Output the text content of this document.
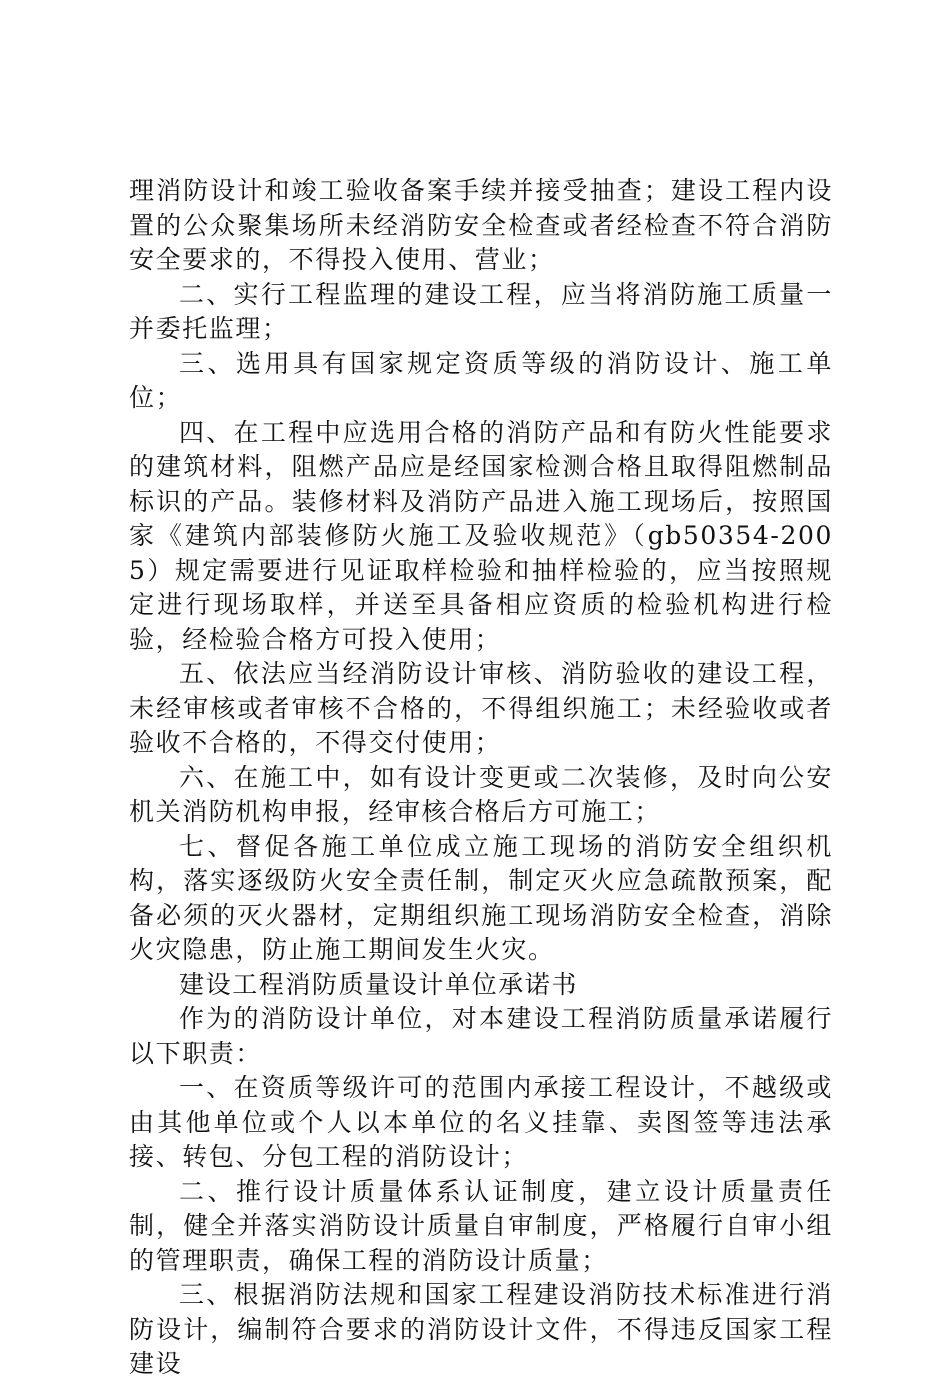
理消防设计和竣工验收备案手续并接受抽查；建设工程内设置的公众聚集场所未经消防安全检查或者经检查不符合消防安全要求的，不得投入使用、营业；

二、实行工程监理的建设工程，应当将消防施工质量一并委托监理；

三、选用具有国家规定资质等级的消防设计、施工单位；

四、在工程中应选用合格的消防产品和有防火性能要求的建筑材料，阻燃产品应是经国家检测合格且取得阻燃制品标识的产品。装修材料及消防产品进入施工现场后，按照国家《建筑内部装修防火施工及验收规范》（gb50354-2005）规定需要进行见证取样检验和抽样检验的，应当按照规定进行现场取样，并送至具备相应资质的检验机构进行检验，经检验合格方可投入使用；

五、依法应当经消防设计审核、消防验收的建设工程，未经审核或者审核不合格的，不得组织施工；未经验收或者验收不合格的，不得交付使用；

六、在施工中，如有设计变更或二次装修，及时向公安机关消防机构申报，经审核合格后方可施工；

七、督促各施工单位成立施工现场的消防安全组织机构，落实逐级防火安全责任制，制定灭火应急疏散预案，配备必须的灭火器材，定期组织施工现场消防安全检查，消除火灾隐患，防止施工期间发生火灾。

建设工程消防质量设计单位承诺书

作为的消防设计单位，对本建设工程消防质量承诺履行以下职责：

一、在资质等级许可的范围内承接工程设计，不越级或由其他单位或个人以本单位的名义挂靠、卖图签等违法承接、转包、分包工程的消防设计；

二、推行设计质量体系认证制度，建立设计质量责任制，健全并落实消防设计质量自审制度，严格履行自审小组的管理职责，确保工程的消防设计质量；

三、根据消防法规和国家工程建设消防技术标准进行消防设计，编制符合要求的消防设计文件，不得违反国家工程建设
